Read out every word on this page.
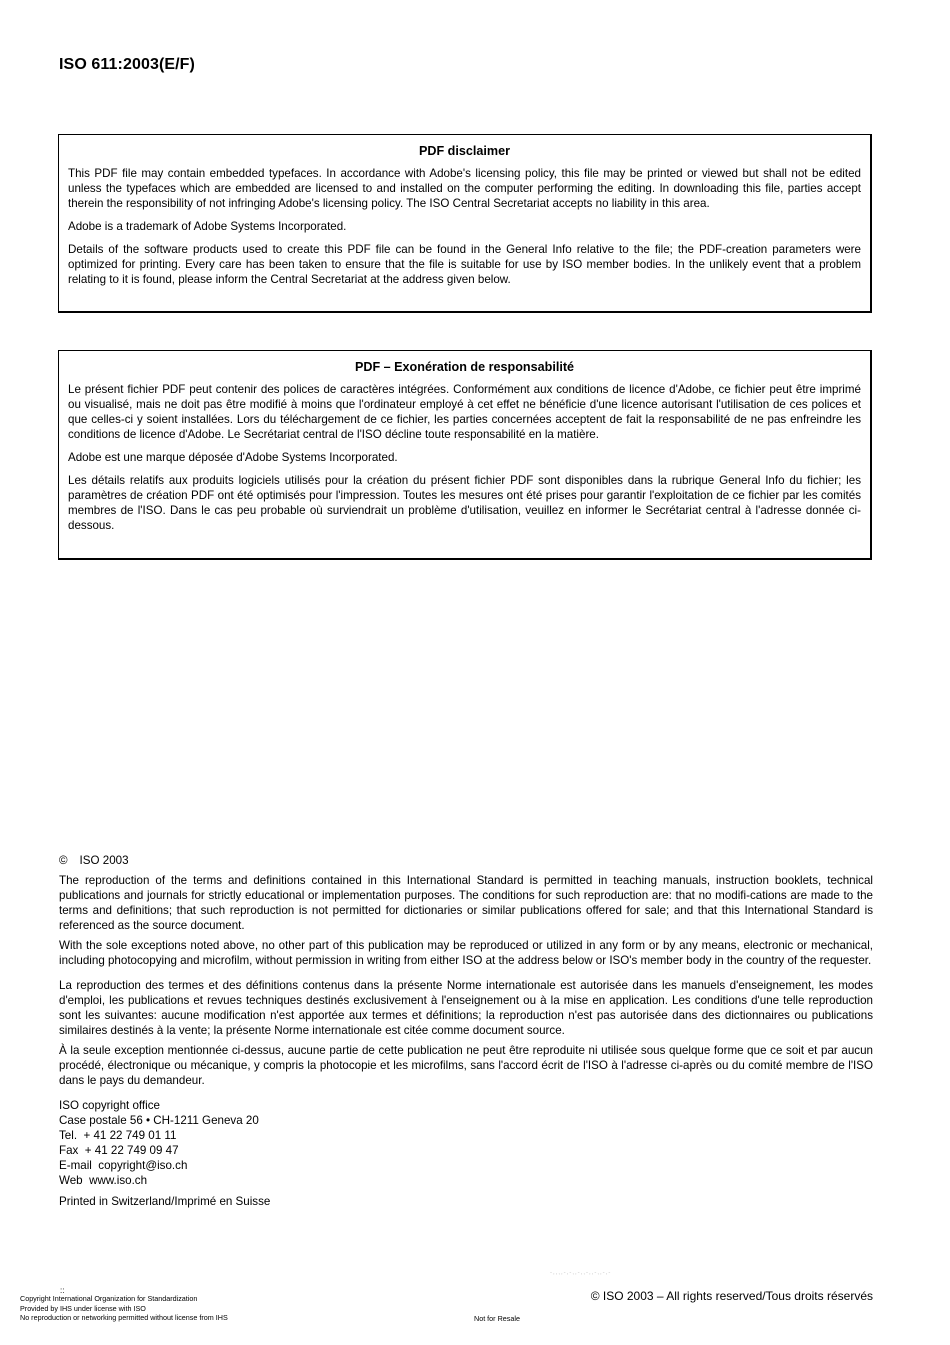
ISO 611:2003(E/F)
PDF disclaimer

This PDF file may contain embedded typefaces. In accordance with Adobe's licensing policy, this file may be printed or viewed but shall not be edited unless the typefaces which are embedded are licensed to and installed on the computer performing the editing. In downloading this file, parties accept therein the responsibility of not infringing Adobe's licensing policy. The ISO Central Secretariat accepts no liability in this area.

Adobe is a trademark of Adobe Systems Incorporated.

Details of the software products used to create this PDF file can be found in the General Info relative to the file; the PDF-creation parameters were optimized for printing. Every care has been taken to ensure that the file is suitable for use by ISO member bodies. In the unlikely event that a problem relating to it is found, please inform the Central Secretariat at the address given below.

PDF – Exonération de responsabilité

Le présent fichier PDF peut contenir des polices de caractères intégrées. Conformément aux conditions de licence d'Adobe, ce fichier peut être imprimé ou visualisé, mais ne doit pas être modifié à moins que l'ordinateur employé à cet effet ne bénéficie d'une licence autorisant l'utilisation de ces polices et que celles-ci y soient installées. Lors du téléchargement de ce fichier, les parties concernées acceptent de fait la responsabilité de ne pas enfreindre les conditions de licence d'Adobe. Le Secrétariat central de l'ISO décline toute responsabilité en la matière.

Adobe est une marque déposée d'Adobe Systems Incorporated.

Les détails relatifs aux produits logiciels utilisés pour la création du présent fichier PDF sont disponibles dans la rubrique General Info du fichier; les paramètres de création PDF ont été optimisés pour l'impression. Toutes les mesures ont été prises pour garantir l'exploitation de ce fichier par les comités membres de l'ISO. Dans le cas peu probable où surviendrait un problème d'utilisation, veuillez en informer le Secrétariat central à l'adresse donnée ci-dessous.

© ISO 2003

The reproduction of the terms and definitions contained in this International Standard is permitted in teaching manuals, instruction booklets, technical publications and journals for strictly educational or implementation purposes. The conditions for such reproduction are: that no modifi-cations are made to the terms and definitions; that such reproduction is not permitted for dictionaries or similar publications offered for sale; and that this International Standard is referenced as the source document.

With the sole exceptions noted above, no other part of this publication may be reproduced or utilized in any form or by any means, electronic or mechanical, including photocopying and microfilm, without permission in writing from either ISO at the address below or ISO's member body in the country of the requester.

La reproduction des termes et des définitions contenus dans la présente Norme internationale est autorisée dans les manuels d'enseignement, les modes d'emploi, les publications et revues techniques destinés exclusivement à l'enseignement ou à la mise en application. Les conditions d'une telle reproduction sont les suivantes: aucune modification n'est apportée aux termes et définitions; la reproduction n'est pas autorisée dans des dictionnaires ou publications similaires destinés à la vente; la présente Norme internationale est citée comme document source.

À la seule exception mentionnée ci-dessus, aucune partie de cette publication ne peut être reproduite ni utilisée sous quelque forme que ce soit et par aucun procédé, électronique ou mécanique, y compris la photocopie et les microfilms, sans l'accord écrit de l'ISO à l'adresse ci-après ou du comité membre de l'ISO dans le pays du demandeur.

ISO copyright office
Case postale 56 • CH-1211 Geneva 20
Tel.  + 41 22 749 01 11
Fax  + 41 22 749 09 47
E-mail  copyright@iso.ch
Web  www.iso.ch
Printed in Switzerland/Imprimé en Suisse
-,,,,-,-,,-,,-,,-,,-,-
::
Copyright International Organization for Standardization
Provided by IHS under license with ISO
No reproduction or networking permitted without license from IHS	Not for Resale
© ISO 2003 – All rights reserved/Tous droits réservés
